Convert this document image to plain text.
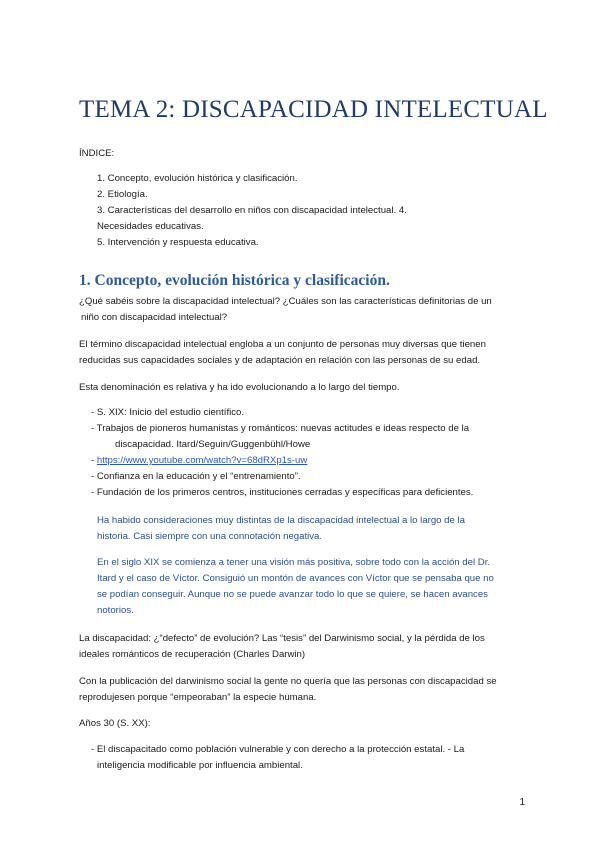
TEMA 2: DISCAPACIDAD INTELECTUAL
ÍNDICE:
1. Concepto, evolución histórica y clasificación.
2. Etiología.
3. Características del desarrollo en niños con discapacidad intelectual. 4.
Necesidades educativas.
5. Intervención y respuesta educativa.
1. Concepto, evolución histórica y clasificación.
¿Qué sabéis sobre la discapacidad intelectual? ¿Cuáles son las características definitorias de un
niño con discapacidad intelectual?
El término discapacidad intelectual engloba a un conjunto de personas muy diversas que tienen
reducidas sus capacidades sociales y de adaptación en relación con las personas de su edad.
Esta denominación es relativa y ha ido evolucionando a lo largo del tiempo.
- S. XIX: Inicio del estudio científico.
- Trabajos de pioneros humanistas y románticos: nuevas actitudes e ideas respecto de la
discapacidad. Itard/Seguin/Guggenbühl/Howe
- https://www.youtube.com/watch?v=68dRXp1s-uw
- Confianza en la educación y el “entrenamiento”.
- Fundación de los primeros centros, instituciones cerradas y específicas para deficientes.
Ha habido consideraciones muy distintas de la discapacidad intelectual a lo largo de la
historia. Casi siempre con una connotación negativa.
En el siglo XIX se comienza a tener una visión más positiva, sobre todo con la acción del Dr.
Itard y el caso de Víctor. Consiguió un montón de avances con Víctor que se pensaba que no
se podían conseguir. Aunque no se puede avanzar todo lo que se quiere, se hacen avances
notorios.
La discapacidad: ¿“defecto” de evolución? Las “tesis” del Darwinismo social, y la pérdida de los
ideales románticos de recuperación (Charles Darwin)
Con la publicación del darwinismo social la gente no quería que las personas con discapacidad se
reprodujesen porque “empeoraban” la especie humana.
Años 30 (S. XX):
- El discapacitado como población vulnerable y con derecho a la protección estatal. - La
inteligencia modificable por influencia ambiental.
1
